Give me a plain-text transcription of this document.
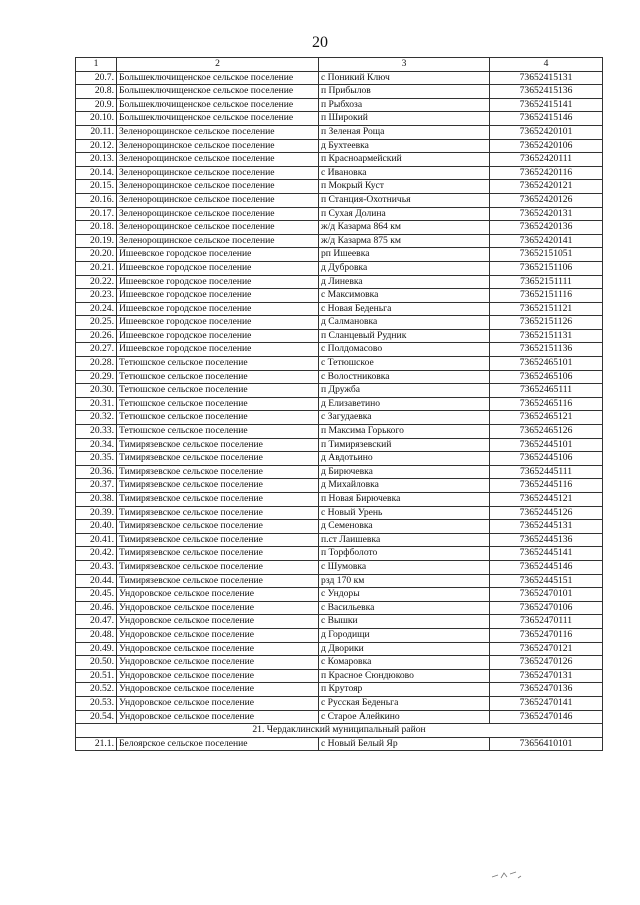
20
1	2	3	4
20.7.	Большеключищенское сельское поселение	с Поникий Ключ	73652415131
20.8.	Большеключищенское сельское поселение	п Прибылов	73652415136
20.9.	Большеключищенское сельское поселение	п Рыбхоза	73652415141
20.10.	Большеключищенское сельское поселение	п Широкий	73652415146
20.11.	Зеленорощинское сельское поселение	п Зеленая Роща	73652420101
20.12.	Зеленорощинское сельское поселение	д Бухтеевка	73652420106
20.13.	Зеленорощинское сельское поселение	п Красноармейский	73652420111
20.14.	Зеленорощинское сельское поселение	с Ивановка	73652420116
20.15.	Зеленорощинское сельское поселение	п Мокрый Куст	73652420121
20.16.	Зеленорощинское сельское поселение	п Станция-Охотничья	73652420126
20.17.	Зеленорощинское сельское поселение	п Сухая Долина	73652420131
20.18.	Зеленорощинское сельское поселение	ж/д Казарма 864 км	73652420136
20.19.	Зеленорощинское сельское поселение	ж/д Казарма 875 км	73652420141
20.20.	Ишеевское городское поселение	рп Ишеевка	73652151051
20.21.	Ишеевское городское поселение	д Дубровка	73652151106
20.22.	Ишеевское городское поселение	д Линевка	73652151111
20.23.	Ишеевское городское поселение	с Максимовка	73652151116
20.24.	Ишеевское городское поселение	с Новая Беденьга	73652151121
20.25.	Ишеевское городское поселение	д Салмановка	73652151126
20.26.	Ишеевское городское поселение	п Сланцевый Рудник	73652151131
20.27.	Ишеевское городское поселение	с Полдомасово	73652151136
20.28.	Тетюшское сельское поселение	с Тетюшское	73652465101
20.29.	Тетюшское сельское поселение	с Волостниковка	73652465106
20.30.	Тетюшское сельское поселение	п Дружба	73652465111
20.31.	Тетюшское сельское поселение	д Елизаветино	73652465116
20.32.	Тетюшское сельское поселение	с Загудаевка	73652465121
20.33.	Тетюшское сельское поселение	п Максима Горького	73652465126
20.34.	Тимирязевское сельское поселение	п Тимирязевский	73652445101
20.35.	Тимирязевское сельское поселение	д Авдотьино	73652445106
20.36.	Тимирязевское сельское поселение	д Бирючевка	73652445111
20.37.	Тимирязевское сельское поселение	д Михайловка	73652445116
20.38.	Тимирязевское сельское поселение	п Новая Бирючевка	73652445121
20.39.	Тимирязевское сельское поселение	с Новый Урень	73652445126
20.40.	Тимирязевское сельское поселение	д Семеновка	73652445131
20.41.	Тимирязевское сельское поселение	п.ст Лаишевка	73652445136
20.42.	Тимирязевское сельское поселение	п Торфболото	73652445141
20.43.	Тимирязевское сельское поселение	с Шумовка	73652445146
20.44.	Тимирязевское сельское поселение	рзд 170 км	73652445151
20.45.	Ундоровское сельское поселение	с Ундоры	73652470101
20.46.	Ундоровское сельское поселение	с Васильевка	73652470106
20.47.	Ундоровское сельское поселение	с Вышки	73652470111
20.48.	Ундоровское сельское поселение	д Городищи	73652470116
20.49.	Ундоровское сельское поселение	д Дворики	73652470121
20.50.	Ундоровское сельское поселение	с Комаровка	73652470126
20.51.	Ундоровское сельское поселение	п Красное Сюндюково	73652470131
20.52.	Ундоровское сельское поселение	п Крутояр	73652470136
20.53.	Ундоровское сельское поселение	с Русская Беденьга	73652470141
20.54.	Ундоровское сельское поселение	с Старое Алейкино	73652470146
21. Чердаклинский муниципальный район			
21.1.	Белоярское сельское поселение	с Новый Белый Яр	73656410101
